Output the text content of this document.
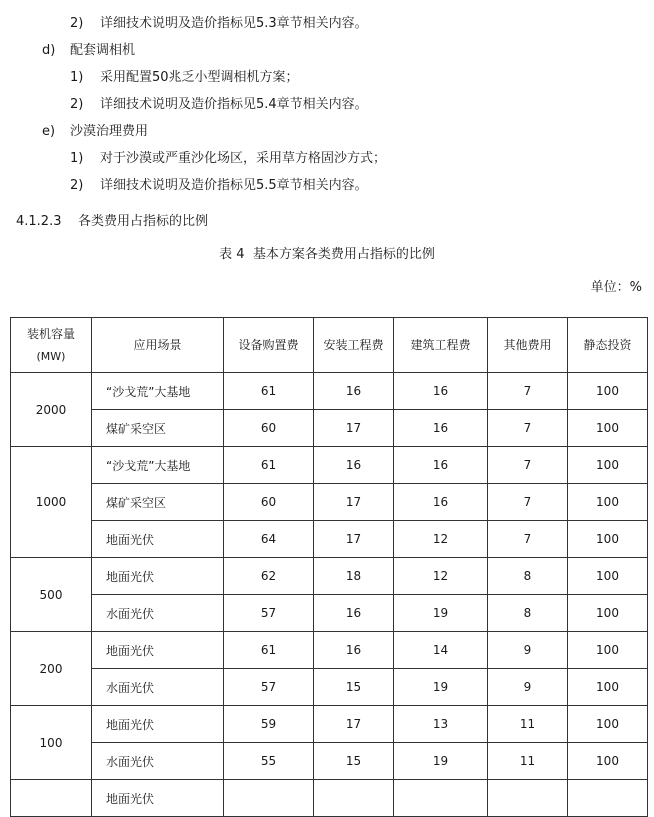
2) 详细技术说明及造价指标见5.3章节相关内容。
d) 配套调相机
1) 采用配置50兆乏小型调相机方案；
2) 详细技术说明及造价指标见5.4章节相关内容。
e) 沙漠治理费用
1) 对于沙漠或严重沙化场区，采用草方格固沙方式；
2) 详细技术说明及造价指标见5.5章节相关内容。
4.1.2.3 各类费用占指标的比例
表 4  基本方案各类费用占指标的比例
单位：%
装机容量
(MW)	应用场景	设备购置费	安装工程费	建筑工程费	其他费用	静态投资
2000	“沙戈荒”大基地	61	16	16	7	100
	煤矿采空区	60	17	16	7	100
1000	“沙戈荒”大基地	61	16	16	7	100
	煤矿采空区	60	17	16	7	100
	地面光伏	64	17	12	7	100
500	地面光伏	62	18	12	8	100
	水面光伏	57	16	19	8	100
200	地面光伏	61	16	14	9	100
	水面光伏	57	15	19	9	100
100	地面光伏	59	17	13	11	100
	水面光伏	55	15	19	11	100
	地面光伏					
